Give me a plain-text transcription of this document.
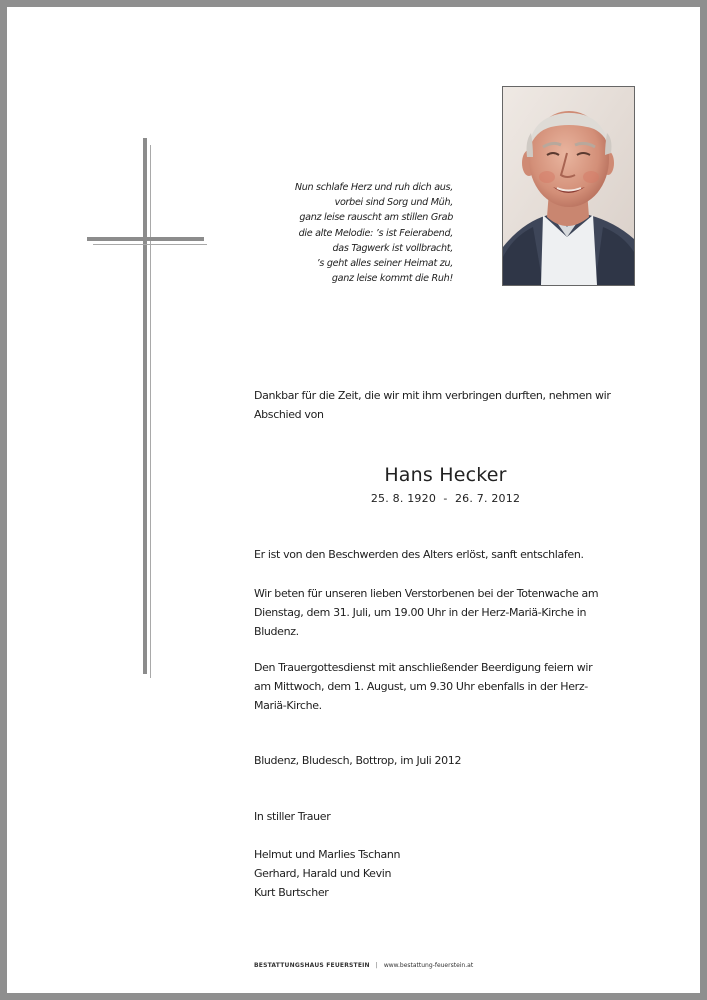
Nun schlafe Herz und ruh dich aus,
vorbei sind Sorg und Müh,
ganz leise rauscht am stillen Grab
die alte Melodie: ’s ist Feierabend,
das Tagwerk ist vollbracht,
’s geht alles seiner Heimat zu,
ganz leise kommt die Ruh!
Dankbar für die Zeit, die wir mit ihm verbringen durften, nehmen wir
Abschied von
Hans Hecker
25. 8. 1920  -  26. 7. 2012
Er ist von den Beschwerden des Alters erlöst, sanft entschlafen.
Wir beten für unseren lieben Verstorbenen bei der Totenwache am
Dienstag, dem 31. Juli, um 19.00 Uhr in der Herz-Mariä-Kirche in
Bludenz.
Den Trauergottesdienst mit anschließender Beerdigung feiern wir
am Mittwoch, dem 1. August, um 9.30 Uhr ebenfalls in der Herz-
Mariä-Kirche.
Bludenz, Bludesch, Bottrop, im Juli 2012
In stiller Trauer
Helmut und Marlies Tschann
Gerhard, Harald und Kevin
Kurt Burtscher
BESTATTUNGSHAUS FEUERSTEIN | www.bestattung-feuerstein.at
